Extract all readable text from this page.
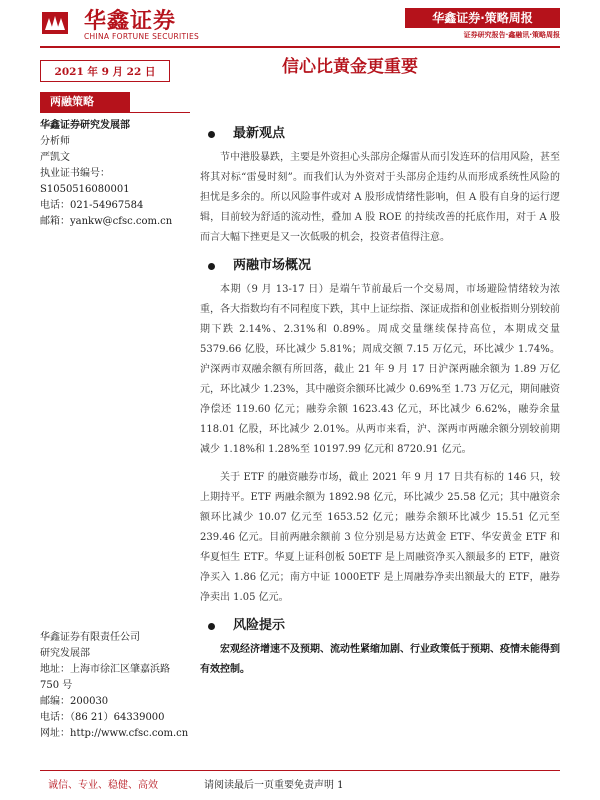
华鑫证券
CHINA FORTUNE SECURITIES
华鑫证券·策略周报
证券研究报告·鑫融讯·策略周报
2021 年 9 月 22 日	信心比黄金更重要
两融策略
华鑫证券研究发展部
分析师
严凯文
执业证书编号：S1050516080001
电话：021-54967584
邮箱：yankw@cfsc.com.cn
华鑫证券有限责任公司
研究发展部
地址：上海市徐汇区肇嘉浜路 750 号
邮编：200030
电话：（86 21）64339000
网址：http://www.cfsc.com.cn
最新观点

节中港股暴跌，主要是外资担心头部房企爆雷从而引发连环的信用风险，甚至将其对标“雷曼时刻”。而我们认为外资对于头部房企违约从而形成系统性风险的担忧是多余的。所以风险事件或对 A 股形成情绪性影响，但 A 股有自身的运行逻辑，目前较为舒适的流动性，叠加 A 股 ROE 的持续改善的托底作用，对于 A 股而言大幅下挫更是又一次低吸的机会，投资者值得注意。

两融市场概况

本期（9 月 13-17 日）是端午节前最后一个交易周，市场避险情绪较为浓重，各大指数均有不同程度下跌，其中上证综指、深证成指和创业板指则分别较前期下跌 2.14%、2.31%和 0.89%。周成交量继续保持高位，本期成交量 5379.66 亿股，环比减少 5.81%；周成交额 7.15 万亿元，环比减少 1.74%。沪深两市双融余额有所回落，截止 21 年 9 月 17 日沪深两融余额为 1.89 万亿元，环比减少 1.23%，其中融资余额环比减少 0.69%至 1.73 万亿元，期间融资净偿还 119.60 亿元；融券余额 1623.43 亿元，环比减少 6.62%，融券余量 118.01 亿股，环比减少 2.01%。从两市来看，沪、深两市两融余额分别较前期减少 1.18%和 1.28%至 10197.99 亿元和 8720.91 亿元。

关于 ETF 的融资融券市场，截止 2021 年 9 月 17 日共有标的 146 只，较上期持平。ETF 两融余额为 1892.98 亿元，环比减少 25.58 亿元；其中融资余额环比减少 10.07 亿元至 1653.52 亿元；融券余额环比减少 15.51 亿元至 239.46 亿元。目前两融余额前 3 位分别是易方达黄金 ETF、华安黄金 ETF 和华夏恒生 ETF。华夏上证科创板 50ETF 是上周融资净买入额最多的 ETF，融资净买入 1.86 亿元；南方中证 1000ETF 是上周融券净卖出额最大的 ETF，融券净卖出 1.05 亿元。

风险提示

宏观经济增速不及预期、流动性紧缩加剧、行业政策低于预期、疫情未能得到有效控制。

诚信、专业、稳健、高效	请阅读最后一页重要免责声明 1
